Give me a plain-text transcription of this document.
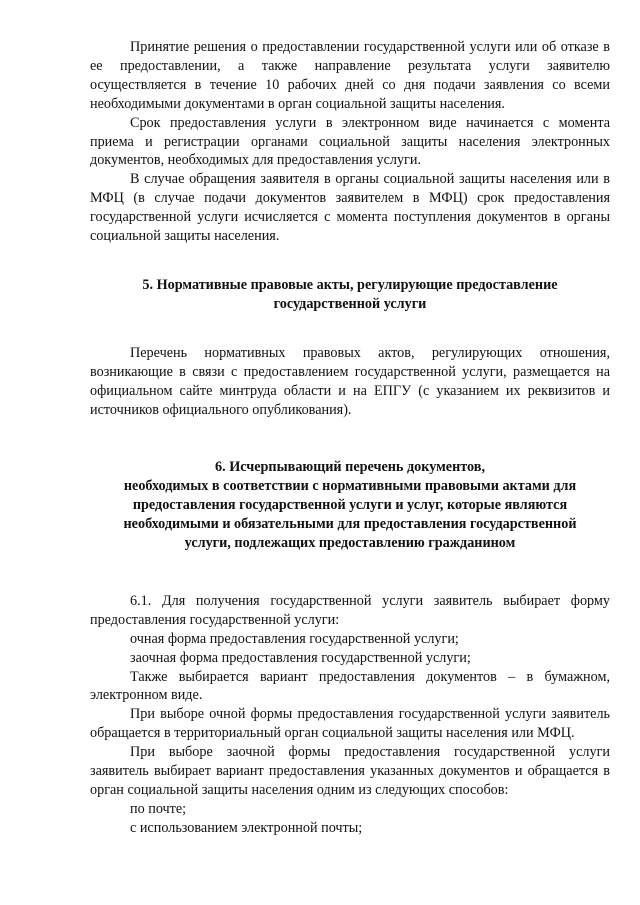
Принятие решения о предоставлении государственной услуги или об отказе в ее предоставлении, а также направление результата услуги заявителю осуществляется в течение 10 рабочих дней со дня подачи заявления со всеми необходимыми документами в орган социальной защиты населения.

Срок предоставления услуги в электронном виде начинается с момента приема и регистрации органами социальной защиты населения электронных документов, необходимых для предоставления услуги.

В случае обращения заявителя в органы социальной защиты населения или в МФЦ (в случае подачи документов заявителем в МФЦ) срок предоставления государственной услуги исчисляется с момента поступления документов в органы социальной защиты населения.

5. Нормативные правовые акты, регулирующие предоставление
государственной услуги

Перечень нормативных правовых актов, регулирующих отношения, возникающие в связи с предоставлением государственной услуги, размещается на официальном сайте минтруда области и на ЕПГУ (с указанием их реквизитов и источников официального опубликования).

6. Исчерпывающий перечень документов,
необходимых в соответствии с нормативными правовыми актами для
предоставления государственной услуги и услуг, которые являются
необходимыми и обязательными для предоставления государственной
услуги, подлежащих предоставлению гражданином

6.1. Для получения государственной услуги заявитель выбирает форму предоставления государственной услуги:

очная форма предоставления государственной услуги;

заочная форма предоставления государственной услуги;

Также выбирается вариант предоставления документов – в бумажном, электронном виде.

При выборе очной формы предоставления государственной услуги заявитель обращается в территориальный орган социальной защиты населения или МФЦ.

При выборе заочной формы предоставления государственной услуги заявитель выбирает вариант предоставления указанных документов и обращается в орган социальной защиты населения одним из следующих способов:

по почте;

с использованием электронной почты;
